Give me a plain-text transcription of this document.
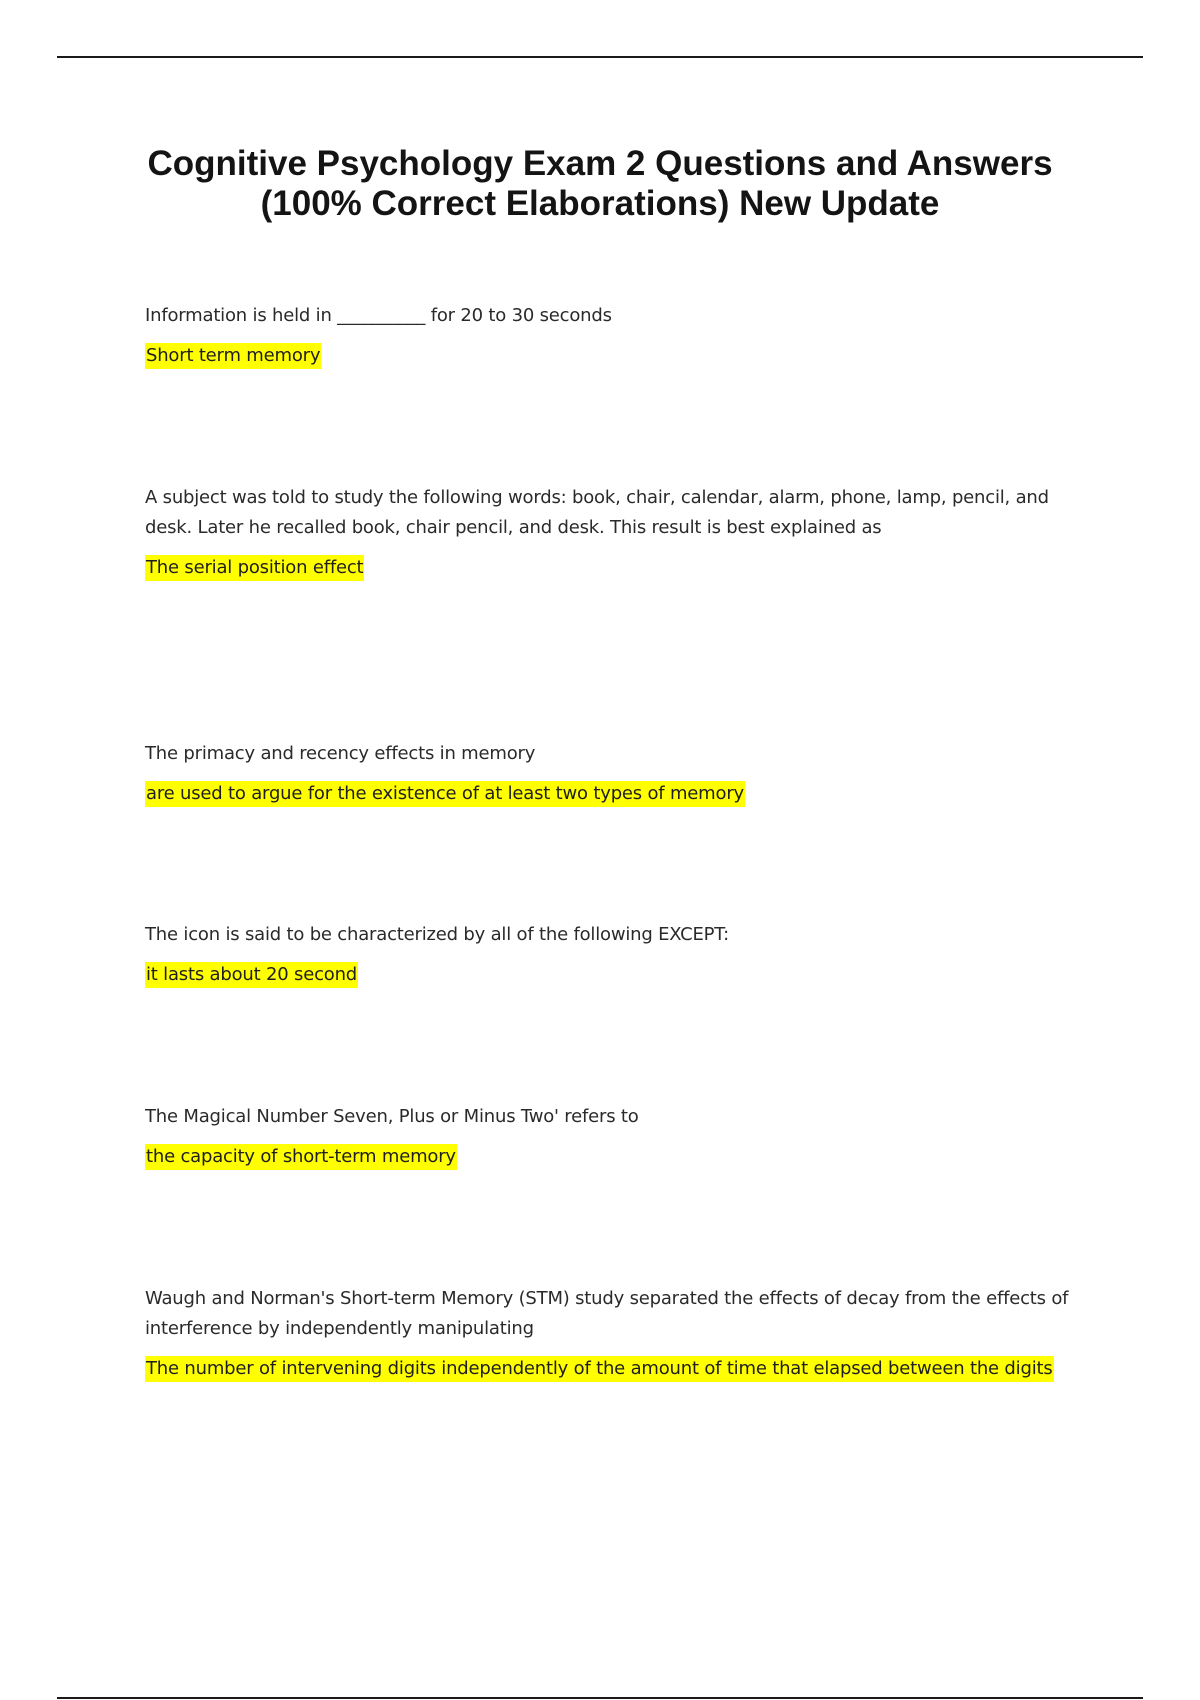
Cognitive Psychology Exam 2 Questions and Answers
(100% Correct Elaborations) New Update

Information is held in __________ for 20 to 30 seconds

Short term memory

A subject was told to study the following words: book, chair, calendar, alarm, phone, lamp, pencil, and desk. Later he recalled book, chair pencil, and desk. This result is best explained as

The serial position effect

The primacy and recency effects in memory

are used to argue for the existence of at least two types of memory

The icon is said to be characterized by all of the following EXCEPT:

it lasts about 20 second

The Magical Number Seven, Plus or Minus Two' refers to

the capacity of short-term memory

Waugh and Norman's Short-term Memory (STM) study separated the effects of decay from the effects of interference by independently manipulating

The number of intervening digits independently of the amount of time that elapsed between the digits
